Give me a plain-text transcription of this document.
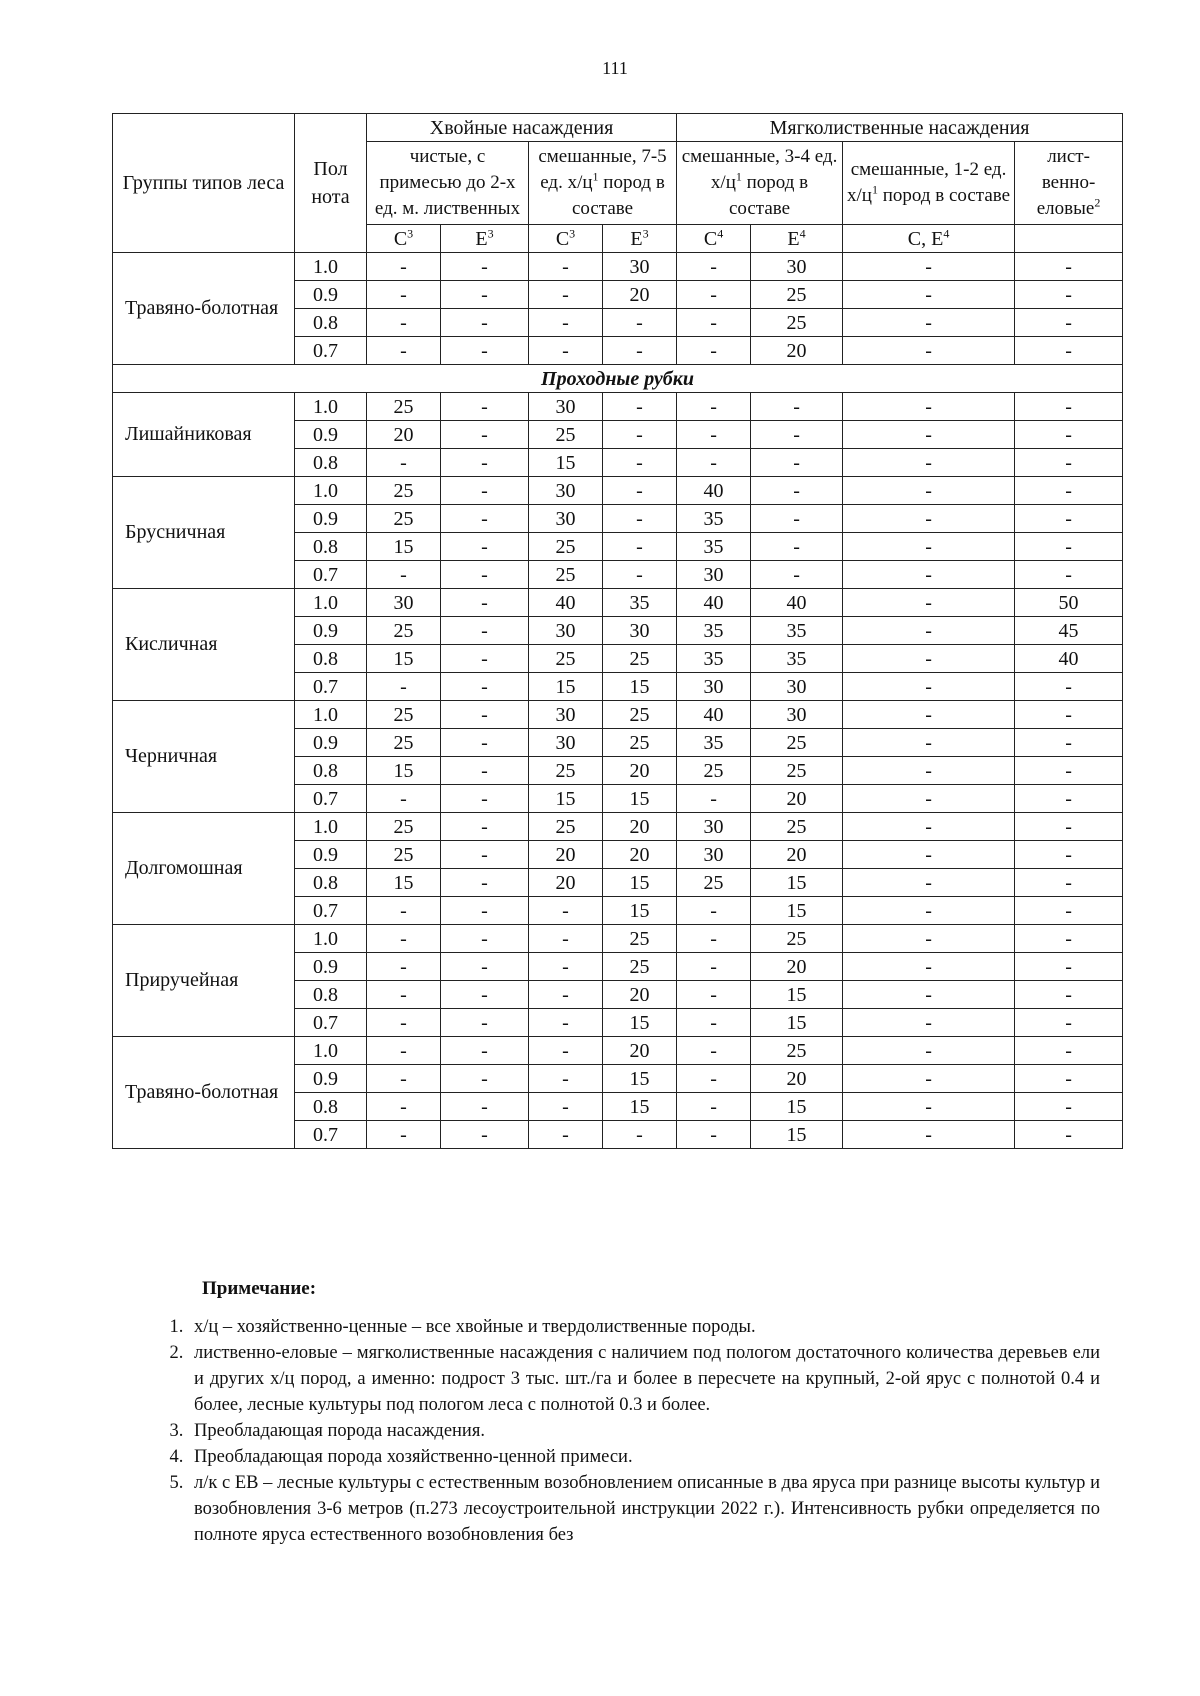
111
Группы типов леса	Пол нота	Хвойные насаждения				Мягколиственные насаждения			
		чистые, с примесью до 2-х ед. м. лиственных		смешанные, 7-5 ед. $х/ц^1$ пород в составе		смешанные, 3-4 ед. $х/ц^1$ пород в составе		смешанные, 1-2 ед. $х/ц^1$ пород в составе	лист-
венно-
еловые$^2$
		$С^3$	$Е^3$	$С^3$	$Е^3$	$С^4$	$Е^4$	С, $Е^4$	
Травяно-болотная	1.0	-	-	-	30	-	30	-	-
	0.9	-	-	-	20	-	25	-	-
	0.8	-	-	-	-	-	25	-	-
	0.7	-	-	-	-	-	20	-	-
Проходные рубки									
Лишайниковая	1.0	25	-	30	-	-	-	-	-
	0.9	20	-	25	-	-	-	-	-
	0.8	-	-	15	-	-	-	-	-
Брусничная	1.0	25	-	30	-	40	-	-	-
	0.9	25	-	30	-	35	-	-	-
	0.8	15	-	25	-	35	-	-	-
	0.7	-	-	25	-	30	-	-	-
Кисличная	1.0	30	-	40	35	40	40	-	50
	0.9	25	-	30	30	35	35	-	45
	0.8	15	-	25	25	35	35	-	40
	0.7	-	-	15	15	30	30	-	-
Черничная	1.0	25	-	30	25	40	30	-	-
	0.9	25	-	30	25	35	25	-	-
	0.8	15	-	25	20	25	25	-	-
	0.7	-	-	15	15	-	20	-	-
Долгомошная	1.0	25	-	25	20	30	25	-	-
	0.9	25	-	20	20	30	20	-	-
	0.8	15	-	20	15	25	15	-	-
	0.7	-	-	-	15	-	15	-	-
Приручейная	1.0	-	-	-	25	-	25	-	-
	0.9	-	-	-	25	-	20	-	-
	0.8	-	-	-	20	-	15	-	-
	0.7	-	-	-	15	-	15	-	-
Травяно-болотная	1.0	-	-	-	20	-	25	-	-
	0.9	-	-	-	15	-	20	-	-
	0.8	-	-	-	15	-	15	-	-
	0.7	-	-	-	-	-	15	-	-
Примечание:
1. х/ц – хозяйственно-ценные – все хвойные и твердолиственные породы.
2. лиственно-еловые – мягколиственные насаждения с наличием под пологом достаточного количества деревьев ели и других х/ц пород, а именно: подрост 3 тыс. шт./га и более в пересчете на крупный, 2-ой ярус с полнотой 0.4 и более, лесные культуры под пологом леса с полнотой 0.3 и более.
3. Преобладающая порода насаждения.
4. Преобладающая порода хозяйственно-ценной примеси.
5. л/к с ЕВ – лесные культуры с естественным возобновлением описанные в два яруса при разнице высоты культур и возобновления 3-6 метров (п.273 лесоустроительной инструкции 2022 г.). Интенсивность рубки определяется по полноте яруса естественного возобновления без
